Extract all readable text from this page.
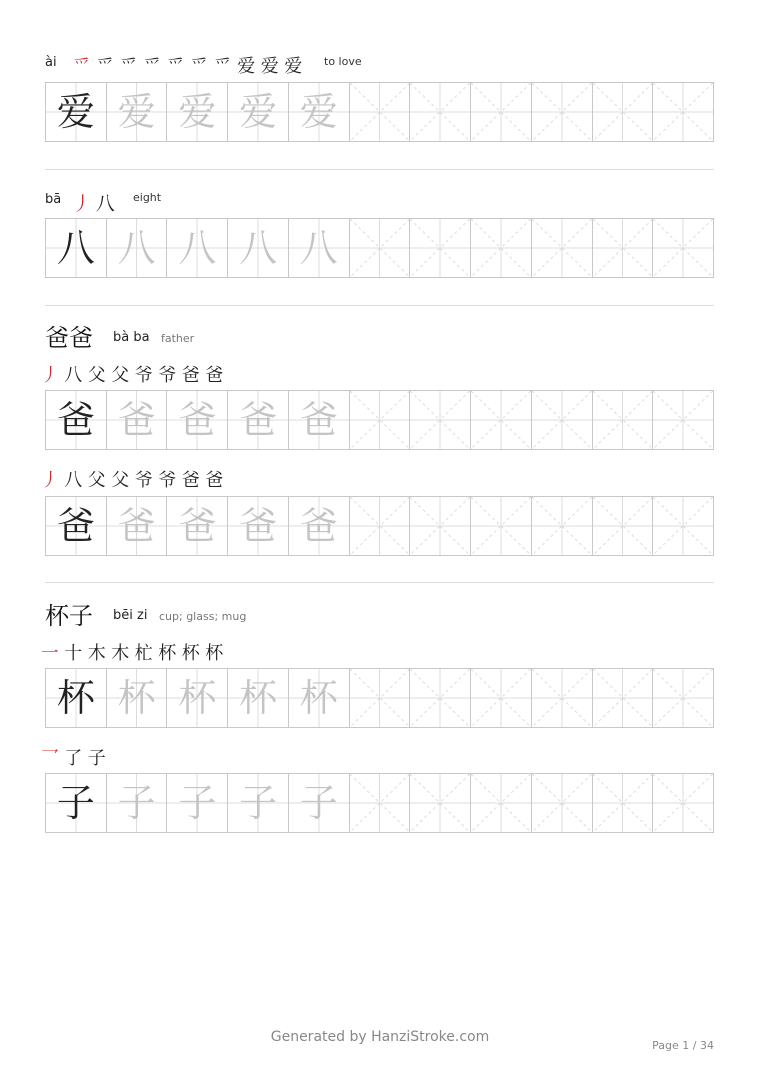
ài 爫 爫 爫 爫 爫 爫 爫 爱 爱 爱 to love
爱 爱 爱 爱 爱
bā 丿 八 eight
八 八 八 八 八
爸爸 bà ba father
丿 八 父 父 爷 爷 爸 爸
爸 爸 爸 爸 爸
丿 八 父 父 爷 爷 爸 爸
爸 爸 爸 爸 爸
杯子 bēi zi cup; glass; mug
一 十 木 木 杧 杯 杯 杯
杯 杯 杯 杯 杯
乛 了 子
子 子 子 子 子
Generated by HanziStroke.com
Page 1 / 34
